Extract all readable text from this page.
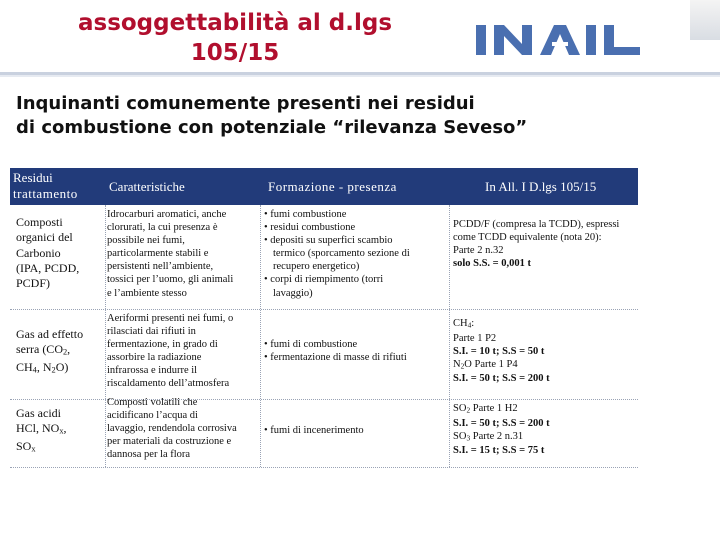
assoggettabilità al d.lgs
105/15
Inquinanti comunemente presenti nei residui
di combustione con potenziale “rilevanza Seveso”
Residui
trattamento Caratteristiche	Formazione - presenza	In All. I D.lgs 105/15
Composti
organici del
Carbonio
(IPA, PCDD,
PCDF)
Idrocarburi aromatici, anche
clorurati, la cui presenza è
possibile nei fumi,
particolarmente stabili e
persistenti nell’ambiente,
tossici per l’uomo, gli animali
e l’ambiente stesso
• fumi combustione
• residui combustione
• depositi su superfici scambio
termico (sporcamento sezione di
recupero energetico)
• corpi di riempimento (torri
lavaggio)
PCDD/F (compresa la TCDD), espressi
come TCDD equivalente (nota 20):
Parte 2 n.32
solo S.S. = 0,001 t
Gas ad effetto
serra ($CO_2$,
$CH_4$, $N_2O$)
Aeriformi presenti nei fumi, o
rilasciati dai rifiuti in
fermentazione, in grado di
assorbire la radiazione
infrarossa e indurre il
riscaldamento dell’atmosfera
• fumi di combustione
• fermentazione di masse di rifiuti
$CH_4$:
Parte 1 P2
S.I. = 10 t; S.S = 50 t
$N_2O$ Parte 1 P4
S.I. = 50 t; S.S = 200 t
Gas acidi
HCl, $NO_x$,
$SO_x$
Composti volatili che
acidificano l’acqua di
lavaggio, rendendola corrosiva
per materiali da costruzione e
dannosa per la flora
• fumi di incenerimento
$SO_2$ Parte 1 H2
S.I. = 50 t; S.S = 200 t
$SO_3$ Parte 2 n.31
S.I. = 15 t; S.S = 75 t
